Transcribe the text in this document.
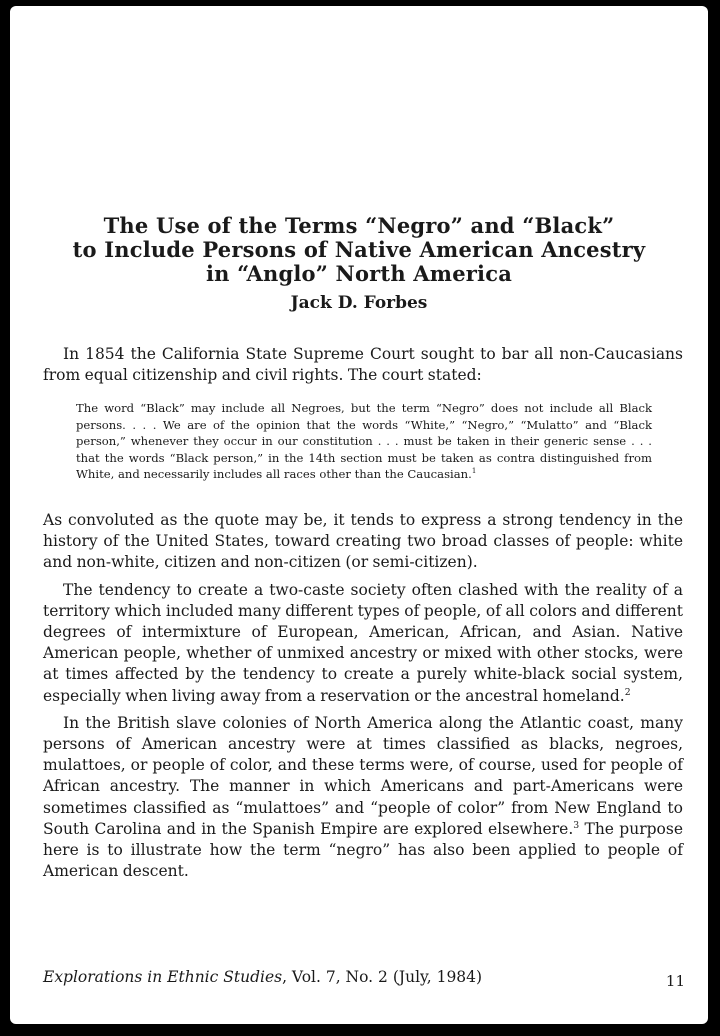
The Use of the Terms “Negro” and “Black”
to Include Persons of Native American Ancestry
in “Anglo” North America
Jack D. Forbes

In 1854 the California State Supreme Court sought to bar all non-Caucasians from equal citizenship and civil rights. The court stated:

The word “Black” may include all Negroes, but the term “Negro” does not include all Black persons. . . . We are of the opinion that the words “White,” “Negro,” “Mulatto” and “Black person,” whenever they occur in our constitution . . . must be taken in their generic sense . . . that the words “Black person,” in the 14th section must be taken as contra distinguished from White, and necessarily includes all races other than the Caucasian.$^1$

As convoluted as the quote may be, it tends to express a strong tendency in the history of the United States, toward creating two broad classes of people: white and non-white, citizen and non-citizen (or semi-citizen).

The tendency to create a two-caste society often clashed with the reality of a territory which included many different types of people, of all colors and different degrees of intermixture of European, American, African, and Asian. Native American people, whether of unmixed ancestry or mixed with other stocks, were at times affected by the tendency to create a purely white-black social system, especially when living away from a reservation or the ancestral homeland.$^2$

In the British slave colonies of North America along the Atlantic coast, many persons of American ancestry were at times classified as blacks, negroes, mulattoes, or people of color, and these terms were, of course, used for people of African ancestry. The manner in which Americans and part-Americans were sometimes classified as “mulattoes” and “people of color” from New England to South Carolina and in the Spanish Empire are explored elsewhere.$^3$ The purpose here is to illustrate how the term “negro” has also been applied to people of American descent.

Explorations in Ethnic Studies, Vol. 7, No. 2 (July, 1984)	11
